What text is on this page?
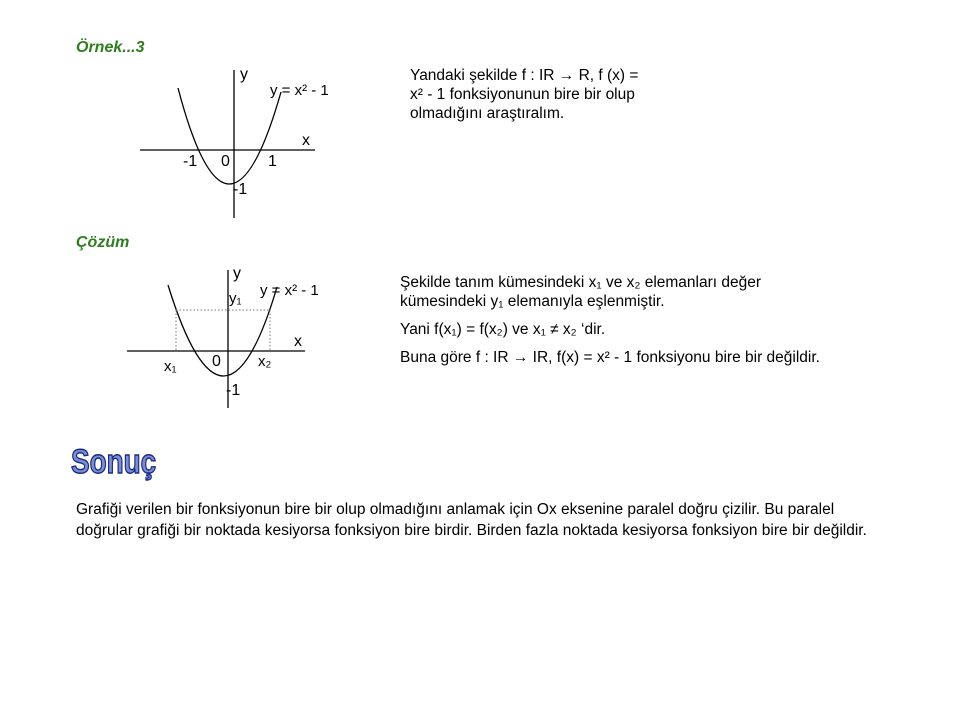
Örnek...3
y
y = x² - 1
x
-1 0 1
-1
y
y = x² - 1
y₁
x
x₁ 0 x₂
-1
Yandaki şekilde f : IR → R, f (x) = x² - 1 fonksiyonunun bire bir olup olmadığını araştıralım.
Çözüm

Şekilde tanım kümesindeki x₁ ve x₂ elemanları değer kümesindeki y₁ elemanıyla eşlenmiştir.

Yani f(x₁) = f(x₂) ve x₁ ≠ x₂ ‘dir.

Buna göre f : IR → IR, f(x) = x² - 1 fonksiyonu bire bir değildir.

Sonuç
Grafiği verilen bir fonksiyonun bire bir olup olmadığını anlamak için Ox eksenine paralel doğru çizilir. Bu paralel doğrular grafiği bir noktada kesiyorsa fonksiyon bire birdir. Birden fazla noktada kesiyorsa fonksiyon bire bir değildir.
